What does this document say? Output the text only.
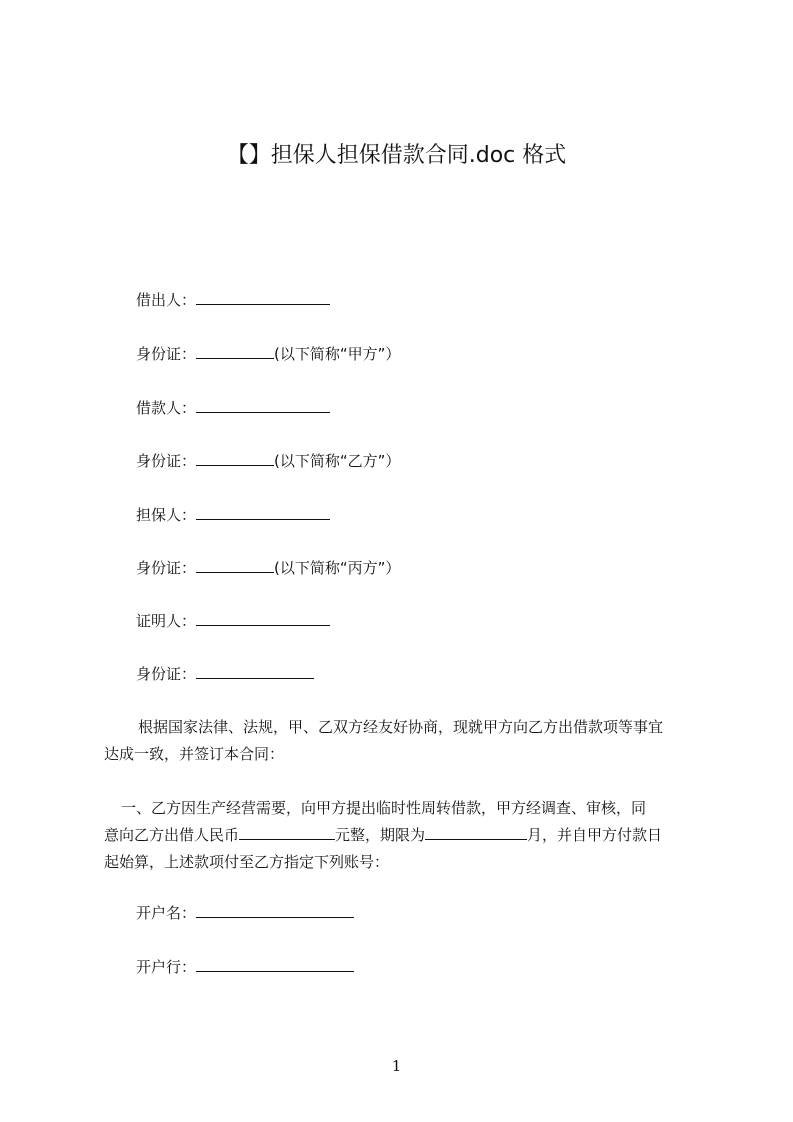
【】担保人担保借款合同.doc 格式
借出人：
身份证：	(以下简称“甲方”）
借款人：
身份证：	(以下简称“乙方”）
担保人：
身份证：	(以下简称“丙方”）
证明人：
身份证：
根据国家法律、法规，甲、乙双方经友好协商，现就甲方向乙方出借款项等事宜
达成一致，并签订本合同：
一、乙方因生产经营需要，向甲方提出临时性周转借款，甲方经调查、审核，同
意向乙方出借人民币	元整，期限为	月，并自甲方付款日
起始算，上述款项付至乙方指定下列账号：
开户名：
开户行：
1
